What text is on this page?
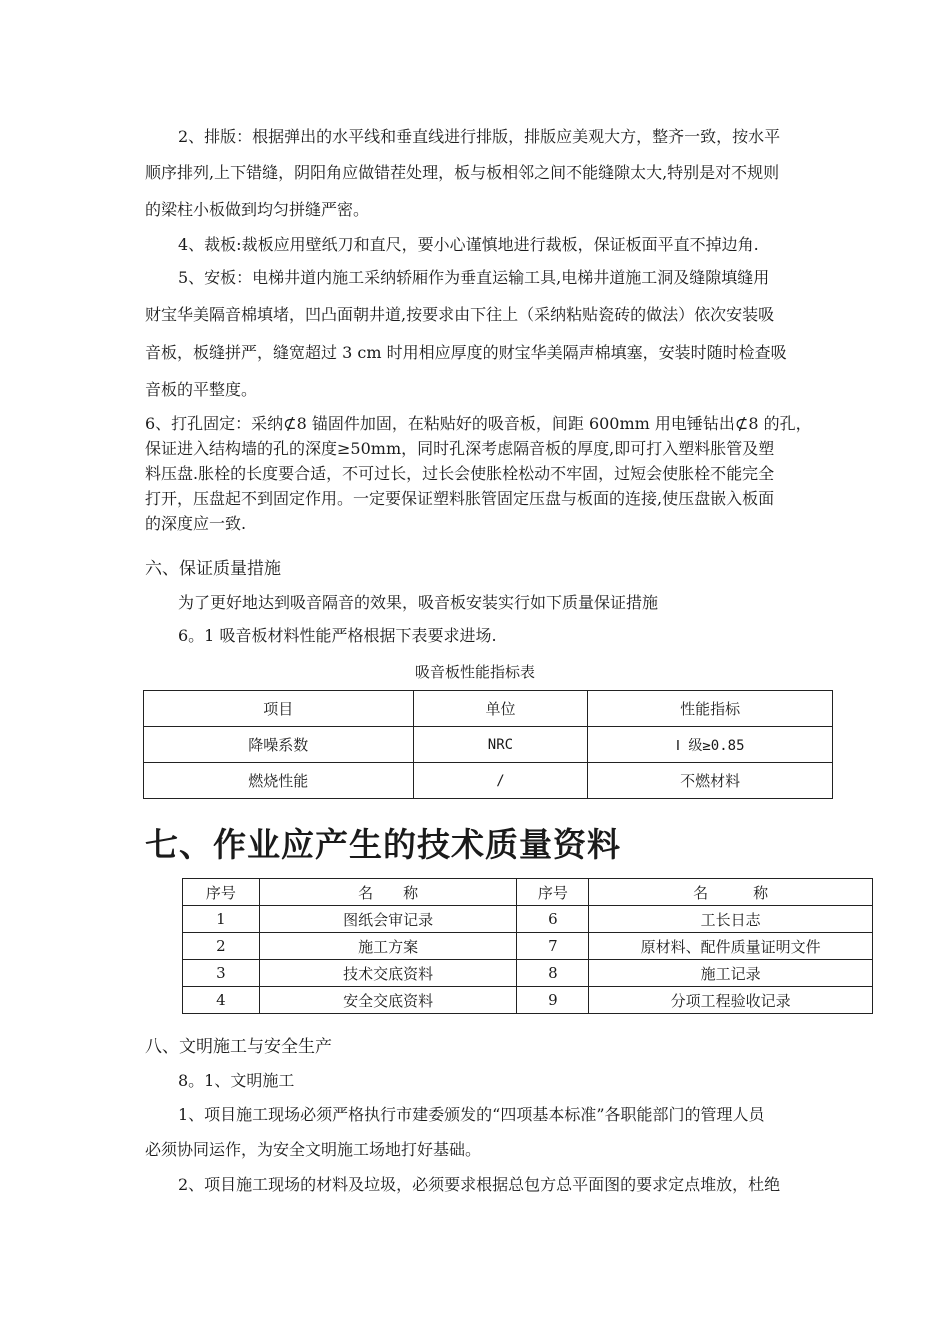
2、排版：根据弹出的水平线和垂直线进行排版，排版应美观大方，整齐一致，按水平

顺序排列,上下错缝，阴阳角应做错茬处理，板与板相邻之间不能缝隙太大,特别是对不规则

的梁柱小板做到均匀拼缝严密。

4、裁板:裁板应用壁纸刀和直尺，要小心谨慎地进行裁板，保证板面平直不掉边角.

5、安板：电梯井道内施工采纳轿厢作为垂直运输工具,电梯井道施工洞及缝隙填缝用

财宝华美隔音棉填堵，凹凸面朝井道,按要求由下往上（采纳粘贴瓷砖的做法）依次安装吸

音板，板缝拼严，缝宽超过 3 cm 时用相应厚度的财宝华美隔声棉填塞，安装时随时检查吸

音板的平整度。

6、打孔固定：采纳⊄8 锚固件加固，在粘贴好的吸音板，间距 600mm 用电锤钻出⊄8 的孔，

保证进入结构墙的孔的深度≥50mm，同时孔深考虑隔音板的厚度,即可打入塑料胀管及塑

料压盘.胀栓的长度要合适，不可过长，过长会使胀栓松动不牢固，过短会使胀栓不能完全

打开，压盘起不到固定作用。一定要保证塑料胀管固定压盘与板面的连接,使压盘嵌入板面

的深度应一致.

六、保证质量措施

为了更好地达到吸音隔音的效果，吸音板安装实行如下质量保证措施

6。1 吸音板材料性能严格根据下表要求进场.

吸音板性能指标表

项目	单位	性能指标
降噪系数	NRC	Ⅰ 级≥0.85
燃烧性能	/	不燃材料
七、作业应产生的技术质量资料
序号	名　　称	序号	名　　　称
1	图纸会审记录	6	工长日志
2	施工方案	7	原材料、配件质量证明文件
3	技术交底资料	8	施工记录
4	安全交底资料	9	分项工程验收记录

八、文明施工与安全生产

8。1、文明施工

1、项目施工现场必须严格执行市建委颁发的“四项基本标准”各职能部门的管理人员

必须协同运作，为安全文明施工场地打好基础。

2、项目施工现场的材料及垃圾，必须要求根据总包方总平面图的要求定点堆放，杜绝
